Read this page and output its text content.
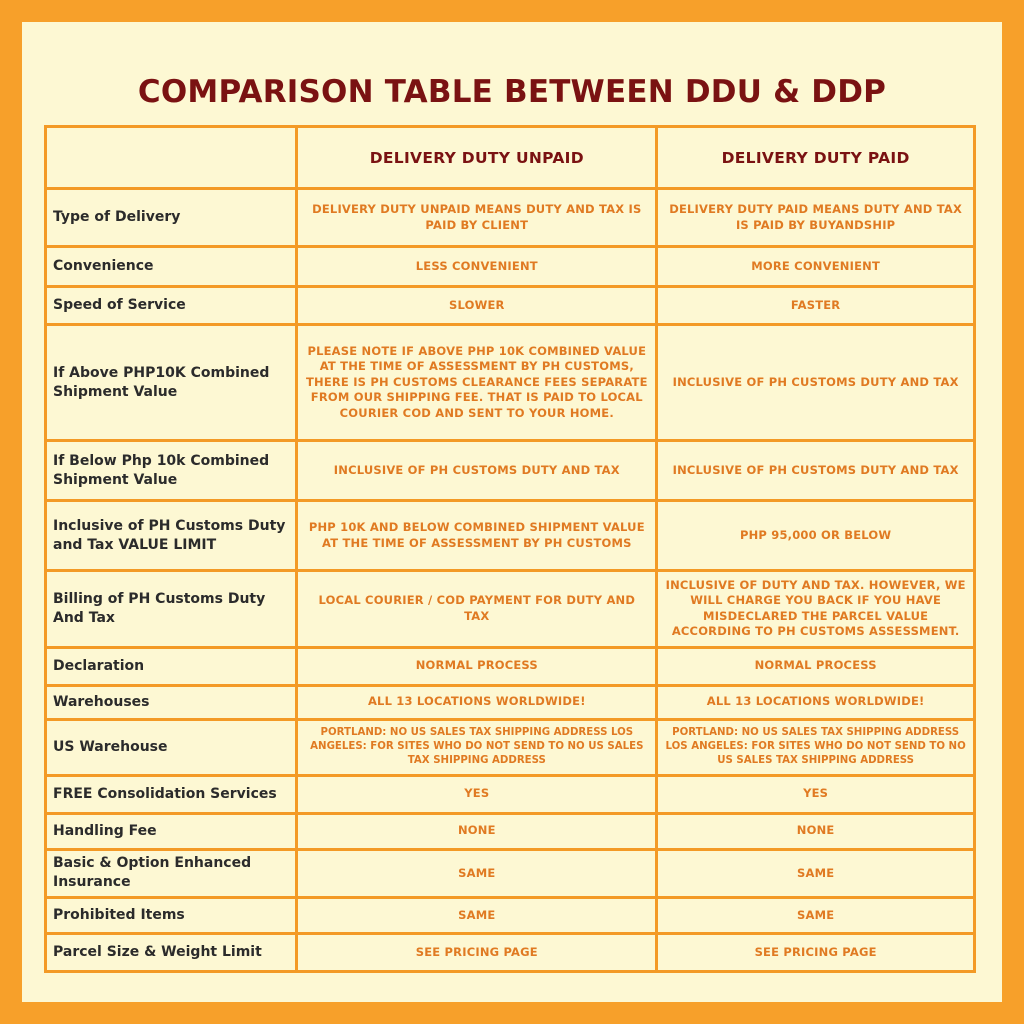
COMPARISON TABLE BETWEEN DDU & DDP
	DELIVERY DUTY UNPAID	DELIVERY DUTY PAID
Type of Delivery	DELIVERY DUTY UNPAID MEANS DUTY AND TAX IS PAID BY CLIENT	DELIVERY DUTY PAID MEANS DUTY AND TAX IS PAID BY BUYANDSHIP
Convenience	LESS CONVENIENT	MORE CONVENIENT
Speed of Service	SLOWER	FASTER
If Above PHP10K Combined Shipment Value	PLEASE NOTE IF ABOVE PHP 10K COMBINED VALUE AT THE TIME OF ASSESSMENT BY PH CUSTOMS, THERE IS PH CUSTOMS CLEARANCE FEES SEPARATE FROM OUR SHIPPING FEE. THAT IS PAID TO LOCAL COURIER COD AND SENT TO YOUR HOME.	INCLUSIVE OF PH CUSTOMS DUTY AND TAX
If Below Php 10k Combined Shipment Value	INCLUSIVE OF PH CUSTOMS DUTY AND TAX	INCLUSIVE OF PH CUSTOMS DUTY AND TAX
Inclusive of PH Customs Duty and Tax VALUE LIMIT	PHP 10K AND BELOW COMBINED SHIPMENT VALUE AT THE TIME OF ASSESSMENT BY PH CUSTOMS	PHP 95,000 OR BELOW
Billing of PH Customs Duty And Tax	LOCAL COURIER / COD PAYMENT FOR DUTY AND TAX	INCLUSIVE OF DUTY AND TAX. HOWEVER, WE WILL CHARGE YOU BACK IF YOU HAVE MISDECLARED THE PARCEL VALUE ACCORDING TO PH CUSTOMS ASSESSMENT.
Declaration	NORMAL PROCESS	NORMAL PROCESS
Warehouses	ALL 13 LOCATIONS WORLDWIDE!	ALL 13 LOCATIONS WORLDWIDE!
US Warehouse	PORTLAND: NO US SALES TAX SHIPPING ADDRESS LOS ANGELES: FOR SITES WHO DO NOT SEND TO NO US SALES TAX SHIPPING ADDRESS	PORTLAND: NO US SALES TAX SHIPPING ADDRESS LOS ANGELES: FOR SITES WHO DO NOT SEND TO NO US SALES TAX SHIPPING ADDRESS
FREE Consolidation Services	YES	YES
Handling Fee	NONE	NONE
Basic & Option Enhanced Insurance	SAME	SAME
Prohibited Items	SAME	SAME
Parcel Size & Weight Limit	SEE PRICING PAGE	SEE PRICING PAGE
